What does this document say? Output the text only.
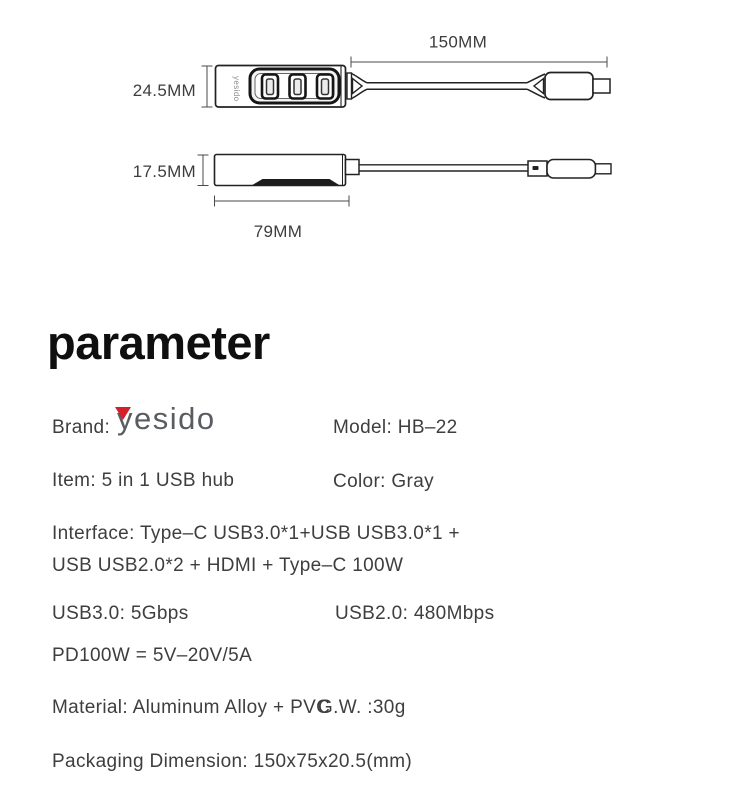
24.5MM
150MM
yesido
17.5MM
79MM
parameter
Brand: yesido	Model: HB–22
Item: 5 in 1 USB hub	Color: Gray
Interface: Type–C USB3.0*1+USB USB3.0*1 +
USB USB2.0*2 + HDMI + Type–C 100W
USB3.0: 5Gbps	USB2.0: 480Mbps
PD100W = 5V–20V/5A
Material: Aluminum Alloy + PVC
G.W. :30g
Packaging Dimension: 150x75x20.5(mm)
